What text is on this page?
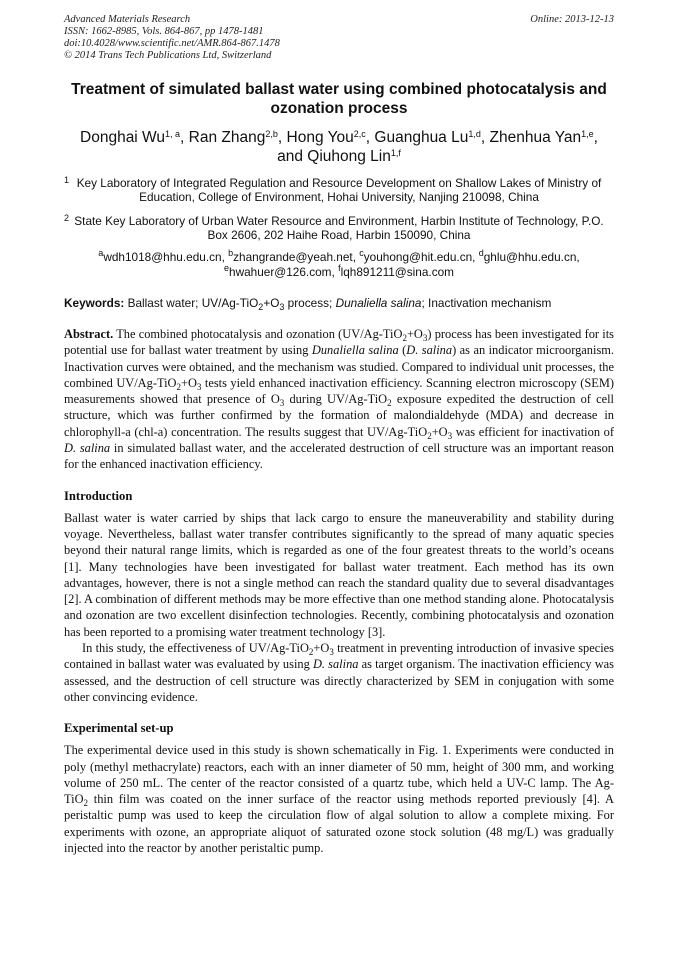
Advanced Materials Research
ISSN: 1662-8985, Vols. 864-867, pp 1478-1481
doi:10.4028/www.scientific.net/AMR.864-867.1478
© 2014 Trans Tech Publications Ltd, Switzerland
Online: 2013-12-13
Treatment of simulated ballast water using combined photocatalysis and ozonation process
Donghai Wu$^{1, a}$, Ran Zhang$^{2,b}$, Hong You$^{2,c}$, Guanghua Lu$^{1,d}$, Zhenhua Yan$^{1,e}$,
and Qiuhong Lin$^{1,f}$
1 Key Laboratory of Integrated Regulation and Resource Development on Shallow Lakes of Ministry of Education, College of Environment, Hohai University, Nanjing 210098, China
2 State Key Laboratory of Urban Water Resource and Environment, Harbin Institute of Technology, P.O. Box 2606, 202 Haihe Road, Harbin 150090, China
$^a$wdh1018@hhu.edu.cn, $^b$zhangrande@yeah.net, $^c$youhong@hit.edu.cn, $^d$ghlu@hhu.edu.cn,
$^e$hwahuer@126.com, $^f$lqh891211@sina.com
Keywords: Ballast water; $UV/Ag-TiO_2+O_3$ process; Dunaliella salina; Inactivation mechanism
Abstract. The combined photocatalysis and ozonation $(UV/Ag-TiO_2+O_3)$ process has been investigated for its potential use for ballast water treatment by using Dunaliella salina (D. salina) as an indicator microorganism. Inactivation curves were obtained, and the mechanism was studied. Compared to individual unit processes, the combined $UV/Ag-TiO_2+O_3$ tests yield enhanced inactivation efficiency. Scanning electron microscopy (SEM) measurements showed that presence of $O_3$ during UV/Ag-TiO$_2$ exposure expedited the destruction of cell structure, which was further confirmed by the formation of malondialdehyde (MDA) and decrease in chlorophyll-a (chl-a) concentration. The results suggest that $UV/Ag-TiO_2+O_3$ was efficient for inactivation of D. salina in simulated ballast water, and the accelerated destruction of cell structure was an important reason for the enhanced inactivation efficiency.
Introduction

Ballast water is water carried by ships that lack cargo to ensure the maneuverability and stability during voyage. Nevertheless, ballast water transfer contributes significantly to the spread of many aquatic species beyond their natural range limits, which is regarded as one of the four greatest threats to the world’s oceans [1]. Many technologies have been investigated for ballast water treatment. Each method has its own advantages, however, there is not a single method can reach the standard quality due to several disadvantages [2]. A combination of different methods may be more effective than one method standing alone. Photocatalysis and ozonation are two excellent disinfection technologies. Recently, combining photocatalysis and ozonation has been reported to a promising water treatment technology [3].

In this study, the effectiveness of $UV/Ag-TiO_2+O_3$ treatment in preventing introduction of invasive species contained in ballast water was evaluated by using D. salina as target organism. The inactivation efficiency was assessed, and the destruction of cell structure was directly characterized by SEM in conjugation with some other convincing evidence.

Experimental set-up

The experimental device used in this study is shown schematically in Fig. 1. Experiments were conducted in poly (methyl methacrylate) reactors, each with an inner diameter of 50 mm, height of 300 mm, and working volume of 250 mL. The center of the reactor consisted of a quartz tube, which held a UV-C lamp. The Ag-TiO$_2$ thin film was coated on the inner surface of the reactor using methods reported previously [4]. A peristaltic pump was used to keep the circulation flow of algal solution to allow a complete mixing. For experiments with ozone, an appropriate aliquot of saturated ozone stock solution (48 mg/L) was gradually injected into the reactor by another peristaltic pump.
